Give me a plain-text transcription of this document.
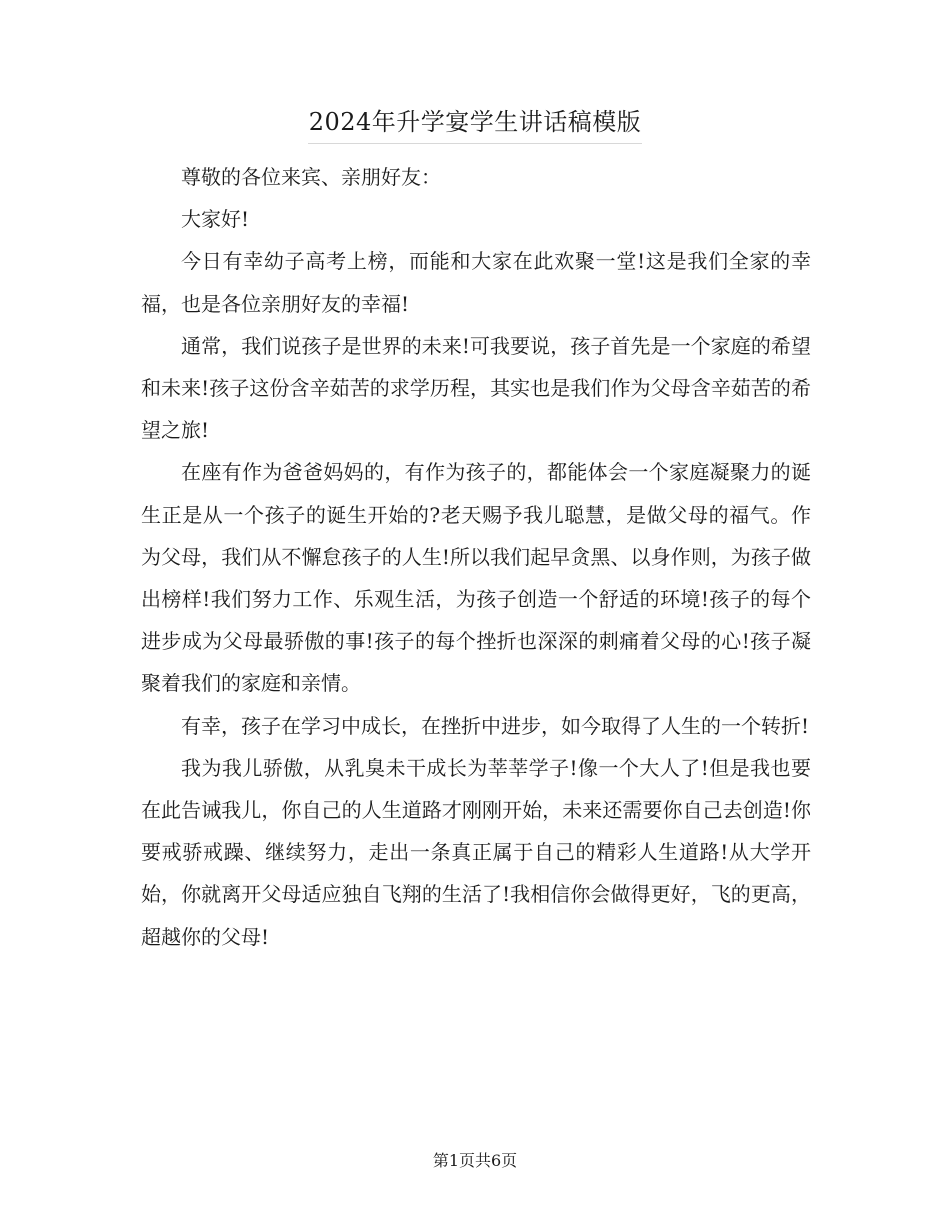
2024年升学宴学生讲话稿模版

尊敬的各位来宾、亲朋好友：

大家好!

今日有幸幼子高考上榜，而能和大家在此欢聚一堂!这是我们全家的幸福，也是各位亲朋好友的幸福!

通常，我们说孩子是世界的未来!可我要说，孩子首先是一个家庭的希望和未来!孩子这份含辛茹苦的求学历程，其实也是我们作为父母含辛茹苦的希望之旅!

在座有作为爸爸妈妈的，有作为孩子的，都能体会一个家庭凝聚力的诞生正是从一个孩子的诞生开始的?老天赐予我儿聪慧，是做父母的福气。作为父母，我们从不懈怠孩子的人生!所以我们起早贪黑、以身作则，为孩子做出榜样!我们努力工作、乐观生活，为孩子创造一个舒适的环境!孩子的每个进步成为父母最骄傲的事!孩子的每个挫折也深深的刺痛着父母的心!孩子凝聚着我们的家庭和亲情。

有幸，孩子在学习中成长，在挫折中进步，如今取得了人生的一个转折!

我为我儿骄傲，从乳臭未干成长为莘莘学子!像一个大人了!但是我也要在此告诫我儿，你自己的人生道路才刚刚开始，未来还需要你自己去创造!你要戒骄戒躁、继续努力，走出一条真正属于自己的精彩人生道路!从大学开始，你就离开父母适应独自飞翔的生活了!我相信你会做得更好，飞的更高，超越你的父母!

第1页共6页
